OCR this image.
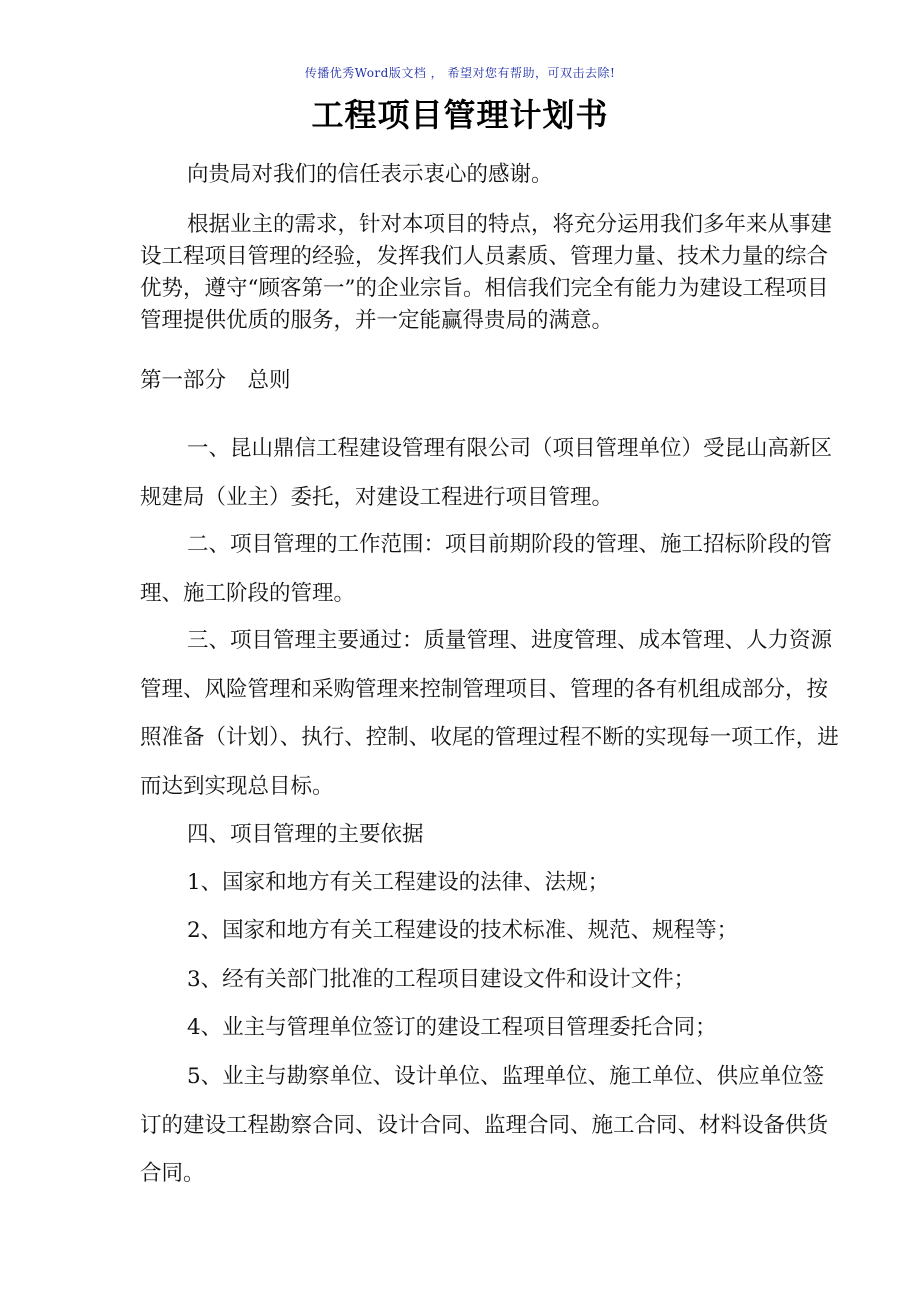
传播优秀Word版文档 ， 希望对您有帮助，可双击去除!
工程项目管理计划书

向贵局对我们的信任表示衷心的感谢。

根据业主的需求，针对本项目的特点，将充分运用我们多年来从事建设工程项目管理的经验，发挥我们人员素质、管理力量、技术力量的综合优势，遵守“顾客第一”的企业宗旨。相信我们完全有能力为建设工程项目管理提供优质的服务，并一定能赢得贵局的满意。

第一部分　总则

一、昆山鼎信工程建设管理有限公司（项目管理单位）受昆山高新区规建局（业主）委托，对建设工程进行项目管理。

二、项目管理的工作范围：项目前期阶段的管理、施工招标阶段的管理、施工阶段的管理。

三、项目管理主要通过：质量管理、进度管理、成本管理、人力资源管理、风险管理和采购管理来控制管理项目、管理的各有机组成部分，按照准备（计划）、执行、控制、收尾的管理过程不断的实现每一项工作，进而达到实现总目标。

四、项目管理的主要依据

1、国家和地方有关工程建设的法律、法规；

2、国家和地方有关工程建设的技术标准、规范、规程等；

3、经有关部门批准的工程项目建设文件和设计文件；

4、业主与管理单位签订的建设工程项目管理委托合同；

5、业主与勘察单位、设计单位、监理单位、施工单位、供应单位签订的建设工程勘察合同、设计合同、监理合同、施工合同、材料设备供货合同。
